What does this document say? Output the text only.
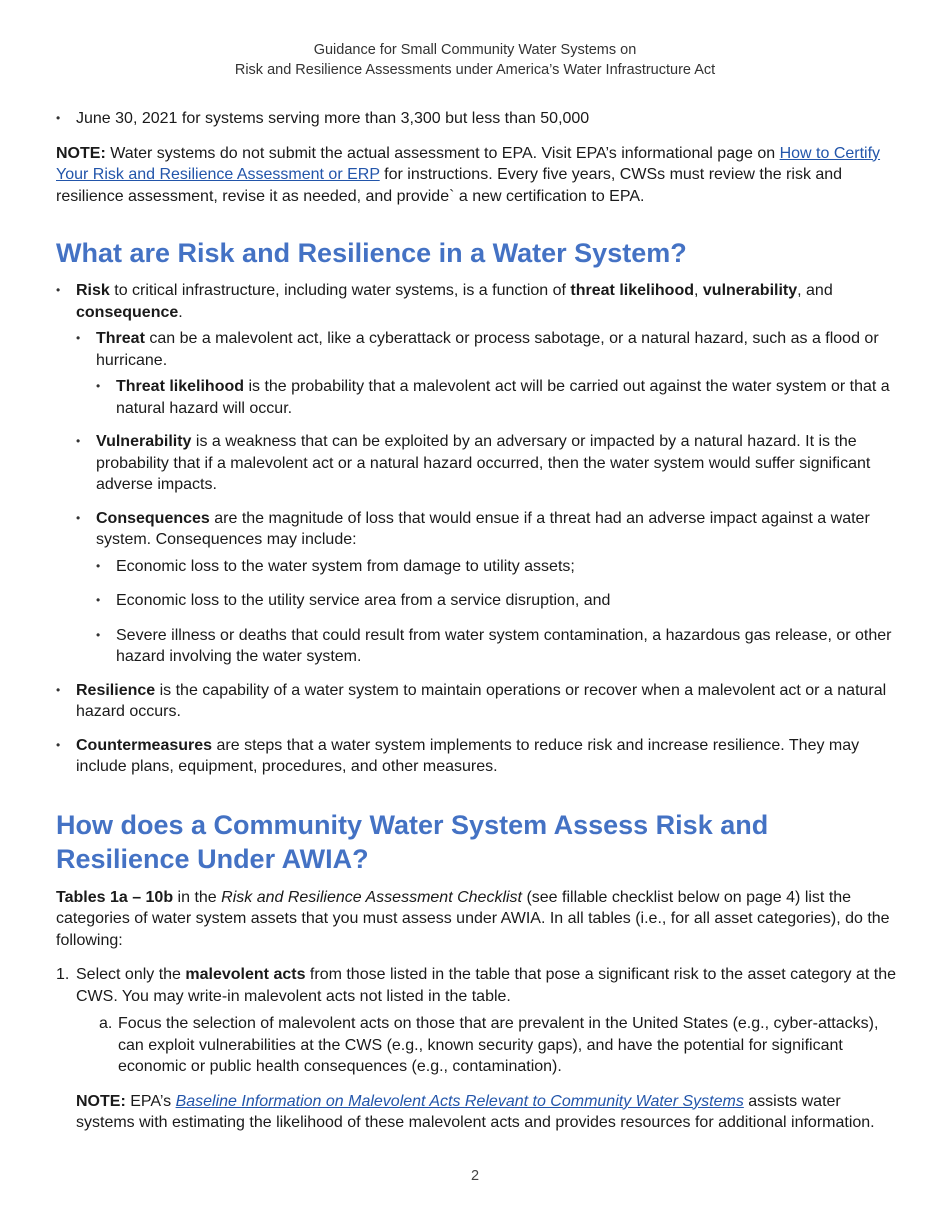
Guidance for Small Community Water Systems on
Risk and Resilience Assessments under America’s Water Infrastructure Act
• June 30, 2021 for systems serving more than 3,300 but less than 50,000

NOTE: Water systems do not submit the actual assessment to EPA. Visit EPA’s informational page on How to Certify Your Risk and Resilience Assessment or ERP for instructions. Every five years, CWSs must review the risk and resilience assessment, revise it as needed, and provide` a new certification to EPA.

What are Risk and Resilience in a Water System?
• Risk to critical infrastructure, including water systems, is a function of threat likelihood, vulnerability, and consequence.
• Threat can be a malevolent act, like a cyberattack or process sabotage, or a natural hazard, such as a flood or hurricane.
• Threat likelihood is the probability that a malevolent act will be carried out against the water system or that a natural hazard will occur.
• Vulnerability is a weakness that can be exploited by an adversary or impacted by a natural hazard. It is the probability that if a malevolent act or a natural hazard occurred, then the water system would suffer significant adverse impacts.
• Consequences are the magnitude of loss that would ensue if a threat had an adverse impact against a water system. Consequences may include:
• Economic loss to the water system from damage to utility assets;
• Economic loss to the utility service area from a service disruption, and
• Severe illness or deaths that could result from water system contamination, a hazardous gas release, or other hazard involving the water system.
• Resilience is the capability of a water system to maintain operations or recover when a malevolent act or a natural hazard occurs.
• Countermeasures are steps that a water system implements to reduce risk and increase resilience. They may include plans, equipment, procedures, and other measures.
How does a Community Water System Assess Risk and Resilience Under AWIA?

Tables 1a – 10b in the Risk and Resilience Assessment Checklist (see fillable checklist below on page 4) list the categories of water system assets that you must assess under AWIA. In all tables (i.e., for all asset categories), do the following:

1. Select only the malevolent acts from those listed in the table that pose a significant risk to the asset category at the CWS. You may write-in malevolent acts not listed in the table.
a. Focus the selection of malevolent acts on those that are prevalent in the United States (e.g., cyber-attacks), can exploit vulnerabilities at the CWS (e.g., known security gaps), and have the potential for significant economic or public health consequences (e.g., contamination).

NOTE: EPA’s Baseline Information on Malevolent Acts Relevant to Community Water Systems assists water systems with estimating the likelihood of these malevolent acts and provides resources for additional information.

2
